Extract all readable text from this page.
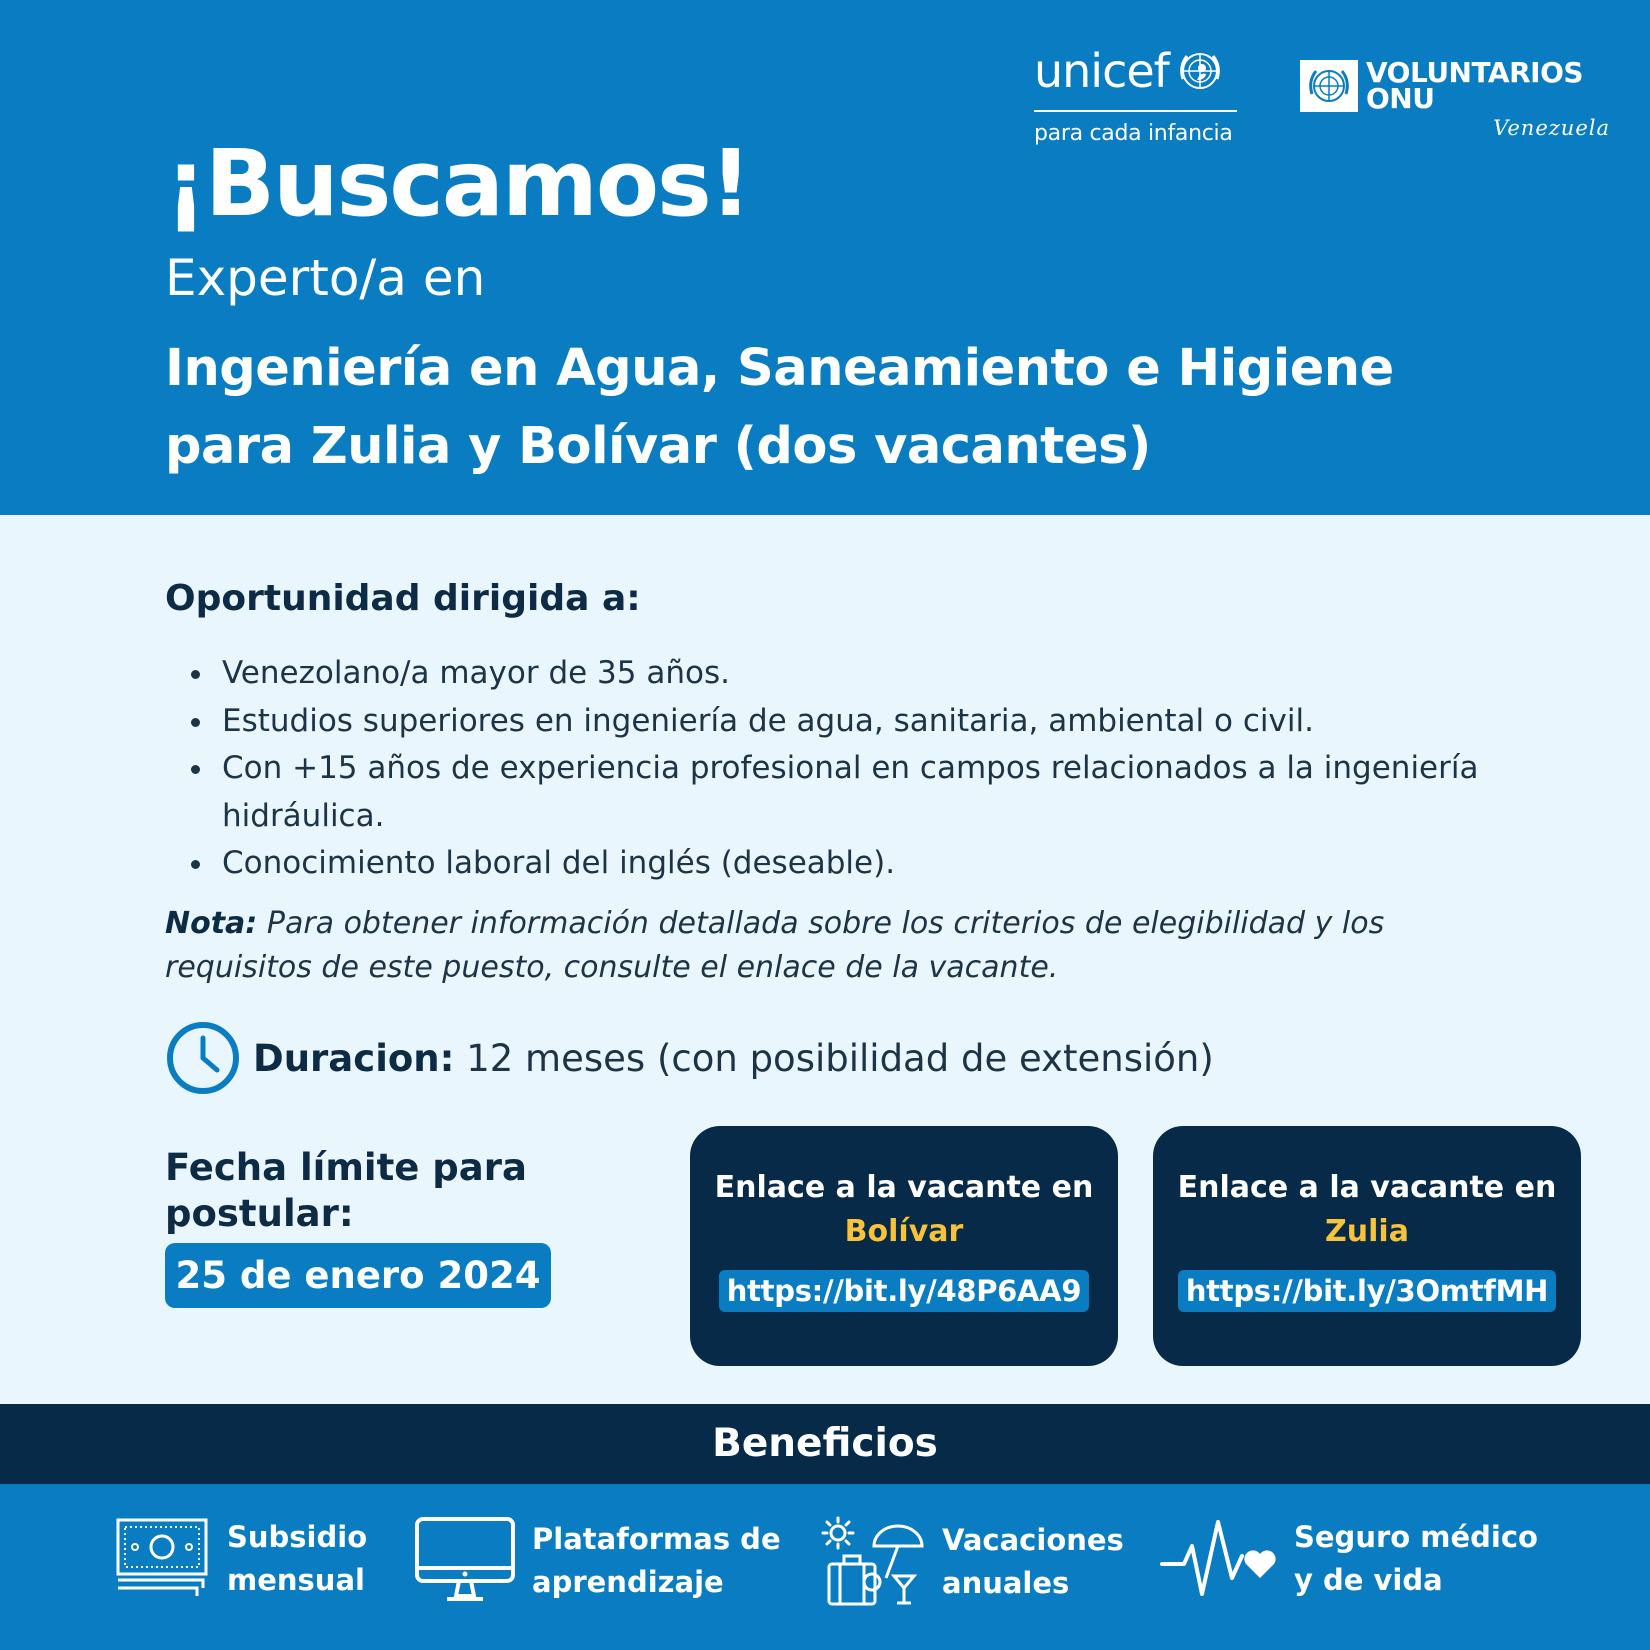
unicef
para cada infancia
VOLUNTARIOS
ONU
Venezuela
¡Buscamos!
Experto/a en
Ingeniería en Agua, Saneamiento e Higiene
para Zulia y Bolívar (dos vacantes)
Oportunidad dirigida a:
Venezolano/a mayor de 35 años.
Estudios superiores en ingeniería de agua, sanitaria, ambiental o civil.
Con +15 años de experiencia profesional en campos relacionados a la ingeniería hidráulica.
Conocimiento laboral del inglés (deseable).
Nota: Para obtener información detallada sobre los criterios de elegibilidad y los requisitos de este puesto, consulte el enlace de la vacante.
Duracion: 12 meses (con posibilidad de extensión)
Fecha límite para postular:
25 de enero 2024
Enlace a la vacante en
Bolívar
https://bit.ly/48P6AA9
Enlace a la vacante en
Zulia
https://bit.ly/3OmtfMH
Beneficios
Subsidio
mensual
Plataformas de
aprendizaje
Vacaciones
anuales
Seguro médico
y de vida
